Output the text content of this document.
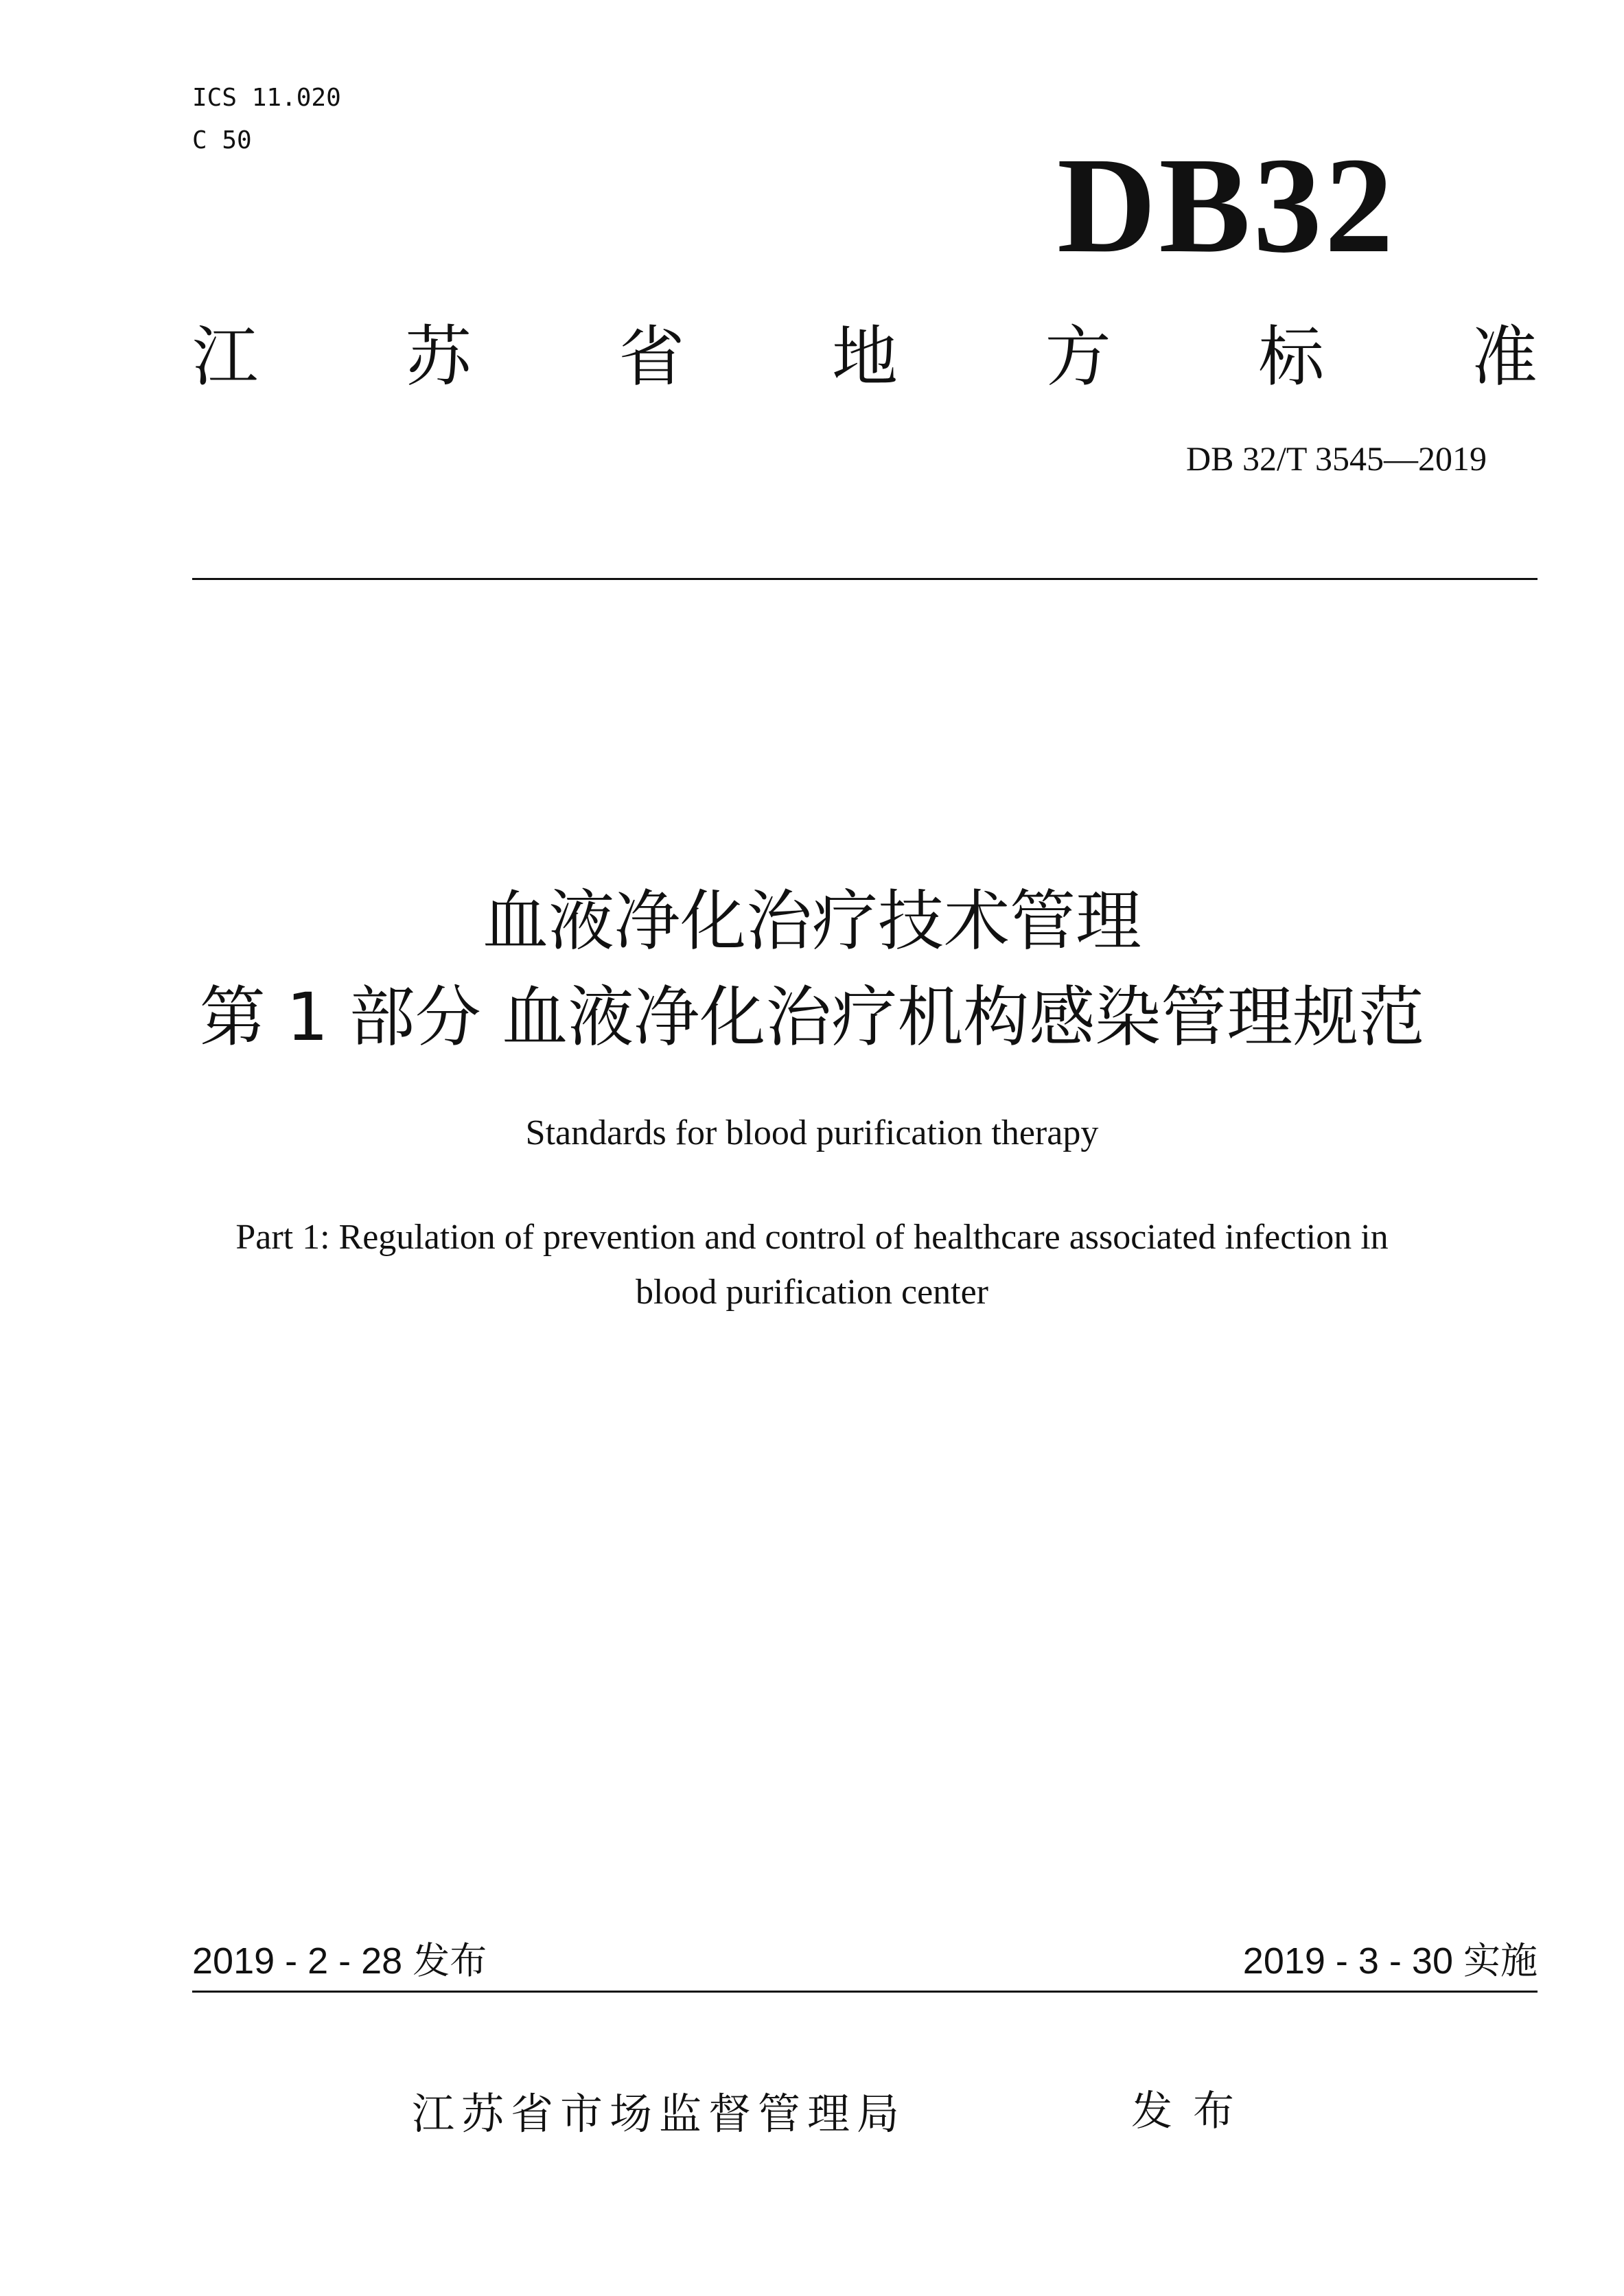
ICS 11.020
C 50	DB32
江 苏 省 地 方 标 准
DB 32/T 3545—2019
血液净化治疗技术管理
第 1 部分 血液净化治疗机构感染管理规范
Standards for blood purification therapy
Part 1: Regulation of prevention and control of healthcare associated infection in
blood purification center
2019 - 2 - 28 发布	2019 - 3 - 30 实施
江苏省市场监督管理局	发布
